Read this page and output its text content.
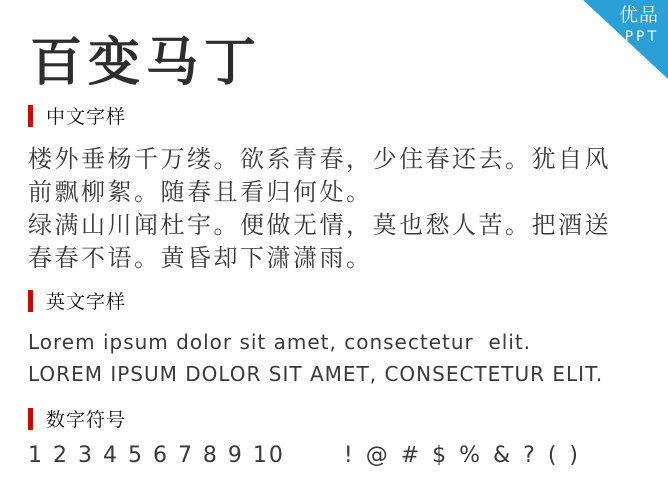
优品
PPT
百变马丁
中文字样
楼外垂杨千万缕。欲系青春，少住春还去。犹自风
前飘柳絮。随春且看归何处。
绿满山川闻杜宇。便做无情，莫也愁人苦。把酒送
春春不语。黄昏却下潇潇雨。
英文字样
Lorem ipsum dolor sit amet, consectetur  elit.
LOREM IPSUM DOLOR SIT AMET, CONSECTETUR ELIT.
数字符号
1 2 3 4 5 6 7 8 9 10	! @ # $ % & ? ( )
